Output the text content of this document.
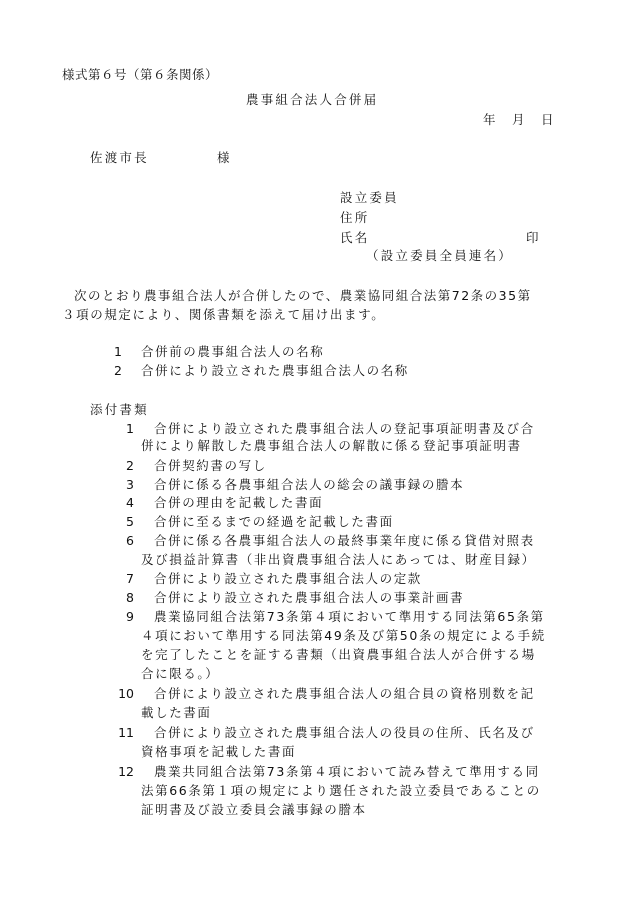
様式第６号（第６条関係）
農事組合法人合併届
年 月 日
佐渡市長	様
設立委員
住所
氏名	印
（設立委員全員連名）
次のとおり農事組合法人が合併したので、農業協同組合法第72条の35第
３項の規定により、関係書類を添えて届け出ます。
1 合併前の農事組合法人の名称
2 合併により設立された農事組合法人の名称
添付書類
1 合併により設立された農事組合法人の登記事項証明書及び合
併により解散した農事組合法人の解散に係る登記事項証明書
2 合併契約書の写し
3 合併に係る各農事組合法人の総会の議事録の謄本
4 合併の理由を記載した書面
5 合併に至るまでの経過を記載した書面
6 合併に係る各農事組合法人の最終事業年度に係る貸借対照表
及び損益計算書（非出資農事組合法人にあっては、財産目録）
7 合併により設立された農事組合法人の定款
8 合併により設立された農事組合法人の事業計画書
9 農業協同組合法第73条第４項において準用する同法第65条第
４項において準用する同法第49条及び第50条の規定による手続
を完了したことを証する書類（出資農事組合法人が合併する場
合に限る。）
10 合併により設立された農事組合法人の組合員の資格別数を記
載した書面
11 合併により設立された農事組合法人の役員の住所、氏名及び
資格事項を記載した書面
12 農業共同組合法第73条第４項において読み替えて準用する同
法第66条第１項の規定により選任された設立委員であることの
証明書及び設立委員会議事録の謄本
